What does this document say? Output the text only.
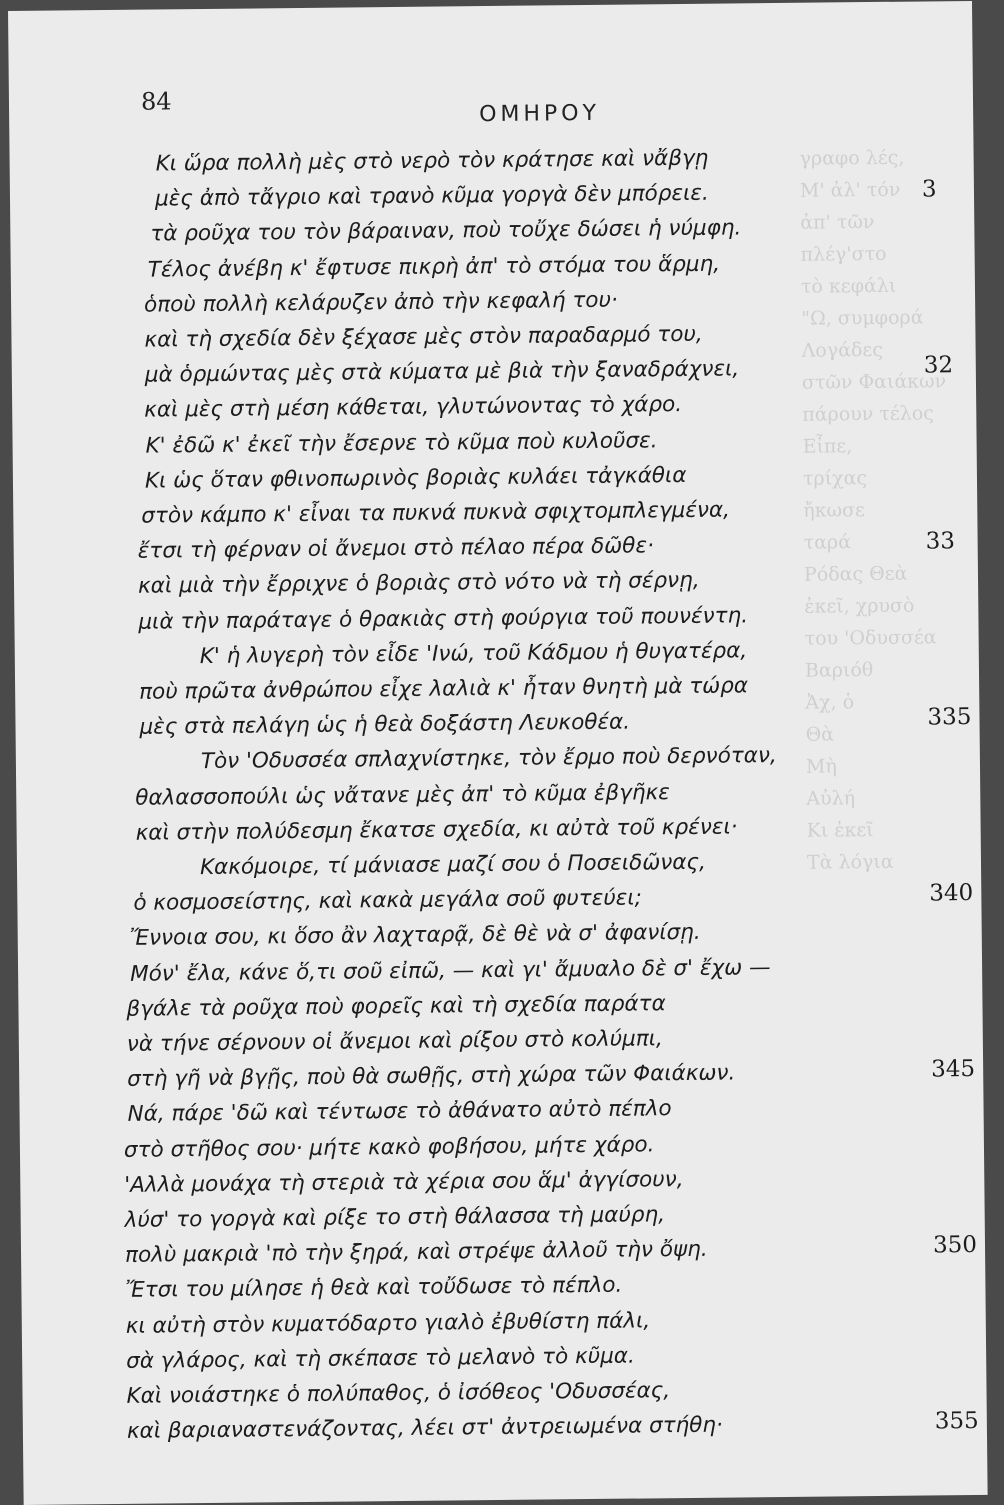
γραφο λές,
M' ἀλ' τόν
ἀπ' τῶν
πλέγ'στο
τὸ κεφάλι
"Ω, συμφορά
Λογάδες
στῶν Φαιάκων
πάρουν τέλος
Εἶπε,
τρίχας
ἤκωσε
ταρά
Ρόδας Θεὰ
ἐκεῖ, χρυσὸ
του 'Οδυσσέα
Βαριόθ
Ἀχ, ὁ
Θὰ
Μὴ
Αὐλή
Κι ἐκεῖ
Τὰ λόγια
84	ΟΜΗΡΟΥ
Κι ὥρα πολλὴ μὲς στὸ νερὸ τὸν κράτησε καὶ νἄβγῃ
μὲς ἀπὸ τἄγριο καὶ τρανὸ κῦμα γοργὰ δὲν μπόρειε.
τὰ ροῦχα του τὸν βάραιναν, ποὺ τοὔχε δώσει ἡ νύμφη.
Τέλος ἀνέβη κ' ἔφτυσε πικρὴ ἀπ' τὸ στόμα του ἅρμη,
ὁποὺ πολλὴ κελάρυζεν ἀπὸ τὴν κεφαλή του·
καὶ τὴ σχεδία δὲν ξέχασε μὲς στὸν παραδαρμό του,
μὰ ὁρμώντας μὲς στὰ κύματα μὲ βιὰ τὴν ξαναδράχνει,
καὶ μὲς στὴ μέση κάθεται, γλυτώνοντας τὸ χάρο.
Κ' ἐδῶ κ' ἐκεῖ τὴν ἔσερνε τὸ κῦμα ποὺ κυλοῦσε.
Κι ὡς ὅταν φθινοπωρινὸς βοριὰς κυλάει τἀγκάθια
στὸν κάμπο κ' εἶναι τα πυκνά πυκνὰ σφιχτομπλεγμένα,
ἔτσι τὴ φέρναν οἱ ἄνεμοι στὸ πέλαο πέρα δῶθε·
καὶ μιὰ τὴν ἔρριχνε ὁ βοριὰς στὸ νότο νὰ τὴ σέρνῃ,
μιὰ τὴν παράταγε ὁ θρακιὰς στὴ φούργια τοῦ πουνέντη.
Κ' ἡ λυγερὴ τὸν εἶδε 'Ινώ, τοῦ Κάδμου ἡ θυγατέρα,
ποὺ πρῶτα ἀνθρώπου εἶχε λαλιὰ κ' ἦταν θνητὴ μὰ τώρα
μὲς στὰ πελάγη ὡς ἡ θεὰ δοξάστη Λευκοθέα.
Τὸν 'Οδυσσέα σπλαχνίστηκε, τὸν ἔρμο ποὺ δερνόταν,
θαλασσοπούλι ὡς νἄτανε μὲς ἀπ' τὸ κῦμα ἐβγῆκε
καὶ στὴν πολύδεσμη ἔκατσε σχεδία, κι αὐτὰ τοῦ κρένει·
Κακόμοιρε, τί μάνιασε μαζί σου ὁ Ποσειδῶνας,
ὁ κοσμοσείστης, καὶ κακὰ μεγάλα σοῦ φυτεύει;
Ἔννοια σου, κι ὅσο ἂν λαχταρᾷ, δὲ θὲ νὰ σ' ἀφανίσῃ.
Μόν' ἔλα, κάνε ὅ,τι σοῦ εἰπῶ, — καὶ γι' ἄμυαλο δὲ σ' ἔχω —
βγάλε τὰ ροῦχα ποὺ φορεῖς καὶ τὴ σχεδία παράτα
νὰ τήνε σέρνουν οἱ ἄνεμοι καὶ ρίξου στὸ κολύμπι,
στὴ γῆ νὰ βγῇς, ποὺ θὰ σωθῇς, στὴ χώρα τῶν Φαιάκων.
Νά, πάρε 'δῶ καὶ τέντωσε τὸ ἀθάνατο αὐτὸ πέπλο
στὸ στῆθος σου· μήτε κακὸ φοβήσου, μήτε χάρο.
'Αλλὰ μονάχα τὴ στεριὰ τὰ χέρια σου ἅμ' ἀγγίσουν,
λύσ' το γοργὰ καὶ ρίξε το στὴ θάλασσα τὴ μαύρη,
πολὺ μακριὰ 'πὸ τὴν ξηρά, καὶ στρέψε ἀλλοῦ τὴν ὄψη.
Ἔτσι του μίλησε ἡ θεὰ καὶ τοὔδωσε τὸ πέπλο.
κι αὐτὴ στὸν κυματόδαρτο γιαλὸ ἐβυθίστη πάλι,
σὰ γλάρος, καὶ τὴ σκέπασε τὸ μελανὸ τὸ κῦμα.
Καὶ νοιάστηκε ὁ πολύπαθος, ὁ ἰσόθεος 'Οδυσσέας,
καὶ βαριαναστενάζοντας, λέει στ' ἀντρειωμένα στήθη·
3
32
33
335
340
345
350
355
